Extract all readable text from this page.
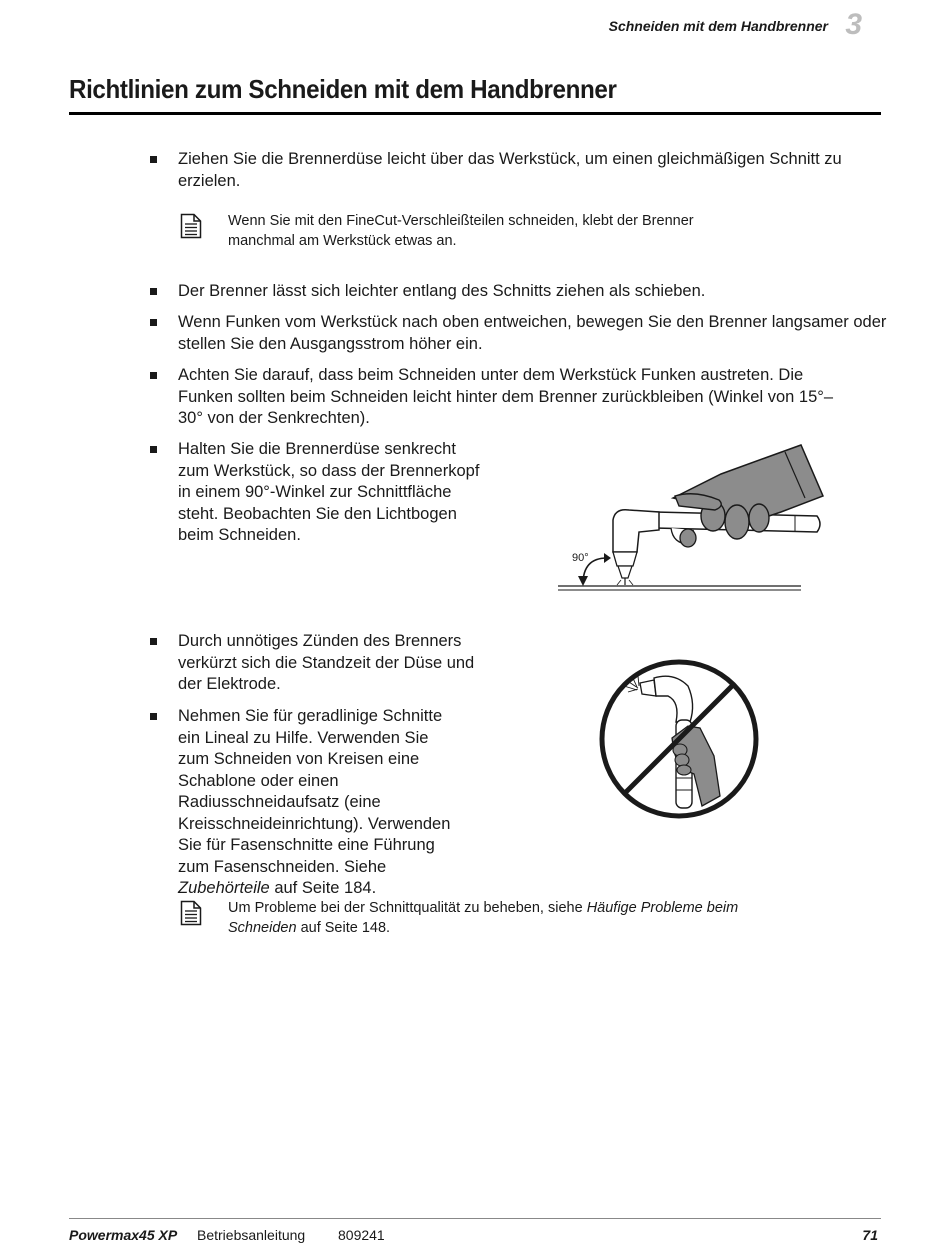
Schneiden mit dem Handbrenner 3
Richtlinien zum Schneiden mit dem Handbrenner
Ziehen Sie die Brennerdüse leicht über das Werkstück, um einen gleichmäßigen Schnitt zu erzielen.
Wenn Sie mit den FineCut-Verschleißteilen schneiden, klebt der Brenner manchmal am Werkstück etwas an.
Der Brenner lässt sich leichter entlang des Schnitts ziehen als schieben.
Wenn Funken vom Werkstück nach oben entweichen, bewegen Sie den Brenner langsamer oder stellen Sie den Ausgangsstrom höher ein.
Achten Sie darauf, dass beim Schneiden unter dem Werkstück Funken austreten. Die Funken sollten beim Schneiden leicht hinter dem Brenner zurückbleiben (Winkel von 15°–30° von der Senkrechten).
Halten Sie die Brennerdüse senkrecht zum Werkstück, so dass der Brennerkopf in einem 90°-Winkel zur Schnittfläche steht. Beobachten Sie den Lichtbogen beim Schneiden.
90°
Durch unnötiges Zünden des Brenners verkürzt sich die Standzeit der Düse und der Elektrode.
Nehmen Sie für geradlinige Schnitte ein Lineal zu Hilfe. Verwenden Sie zum Schneiden von Kreisen eine Schablone oder einen Radiusschneidaufsatz (eine Kreisschneideinrichtung). Verwenden Sie für Fasenschnitte eine Führung zum Fasenschneiden. Siehe Zubehörteile auf Seite 184.
Um Probleme bei der Schnittqualität zu beheben, siehe Häufige Probleme beim Schneiden auf Seite 148.
Powermax45 XP Betriebsanleitung 809241	71
